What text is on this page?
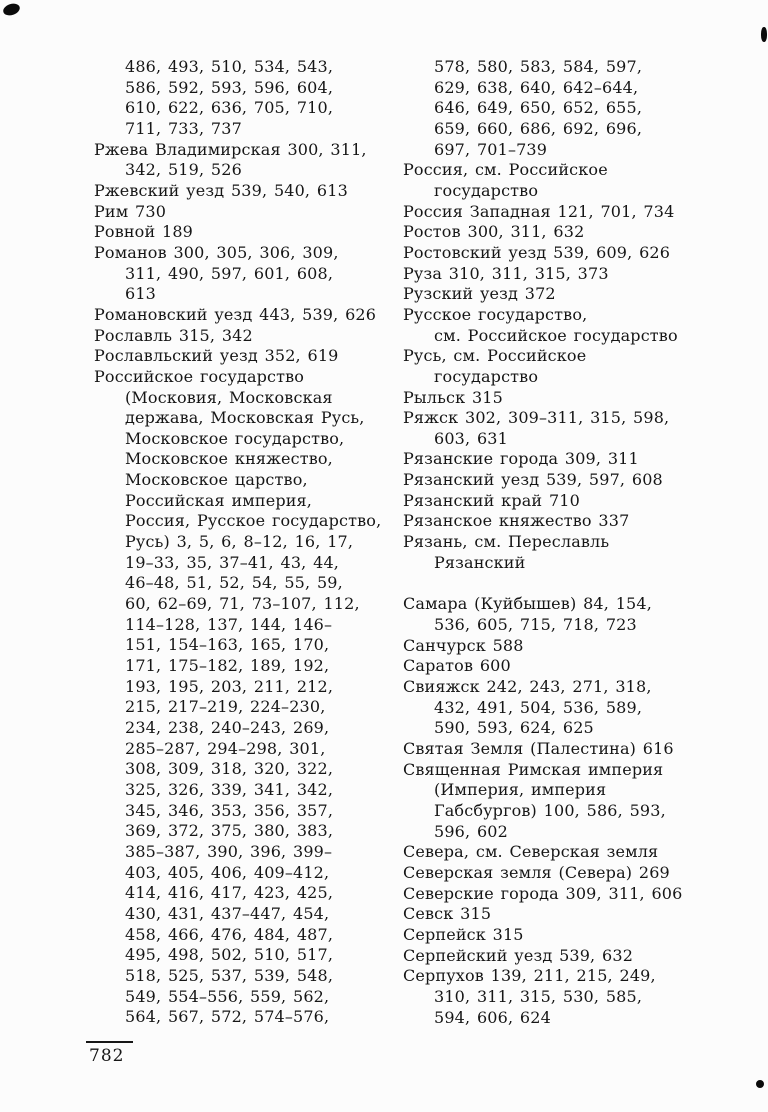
486, 493, 510, 534, 543,
586, 592, 593, 596, 604,
610, 622, 636, 705, 710,
711, 733, 737
Ржева Владимирская 300, 311,
342, 519, 526
Ржевский уезд 539, 540, 613
Рим 730
Ровной 189
Романов 300, 305, 306, 309,
311, 490, 597, 601, 608,
613
Романовский уезд 443, 539, 626
Рославль 315, 342
Рославльский уезд 352, 619
Российское государство
(Московия, Московская
держава, Московская Русь,
Московское государство,
Московское княжество,
Московское царство,
Российская империя,
Россия, Русское государство,
Русь) 3, 5, 6, 8–12, 16, 17,
19–33, 35, 37–41, 43, 44,
46–48, 51, 52, 54, 55, 59,
60, 62–69, 71, 73–107, 112,
114–128, 137, 144, 146–
151, 154–163, 165, 170,
171, 175–182, 189, 192,
193, 195, 203, 211, 212,
215, 217–219, 224–230,
234, 238, 240–243, 269,
285–287, 294–298, 301,
308, 309, 318, 320, 322,
325, 326, 339, 341, 342,
345, 346, 353, 356, 357,
369, 372, 375, 380, 383,
385–387, 390, 396, 399–
403, 405, 406, 409–412,
414, 416, 417, 423, 425,
430, 431, 437–447, 454,
458, 466, 476, 484, 487,
495, 498, 502, 510, 517,
518, 525, 537, 539, 548,
549, 554–556, 559, 562,
564, 567, 572, 574–576,
578, 580, 583, 584, 597,
629, 638, 640, 642–644,
646, 649, 650, 652, 655,
659, 660, 686, 692, 696,
697, 701–739
Россия, см. Российское
государство
Россия Западная 121, 701, 734
Ростов 300, 311, 632
Ростовский уезд 539, 609, 626
Руза 310, 311, 315, 373
Рузский уезд 372
Русское государство,
см. Российское государство
Русь, см. Российское
государство
Рыльск 315
Ряжск 302, 309–311, 315, 598,
603, 631
Рязанские города 309, 311
Рязанский уезд 539, 597, 608
Рязанский край 710
Рязанское княжество 337
Рязань, см. Переславль
Рязанский
Самара (Куйбышев) 84, 154,
536, 605, 715, 718, 723
Санчурск 588
Саратов 600
Свияжск 242, 243, 271, 318,
432, 491, 504, 536, 589,
590, 593, 624, 625
Святая Земля (Палестина) 616
Священная Римская империя
(Империя, империя
Габсбургов) 100, 586, 593,
596, 602
Севера, см. Северская земля
Северская земля (Севера) 269
Северские города 309, 311, 606
Севск 315
Серпейск 315
Серпейский уезд 539, 632
Серпухов 139, 211, 215, 249,
310, 311, 315, 530, 585,
594, 606, 624
782
